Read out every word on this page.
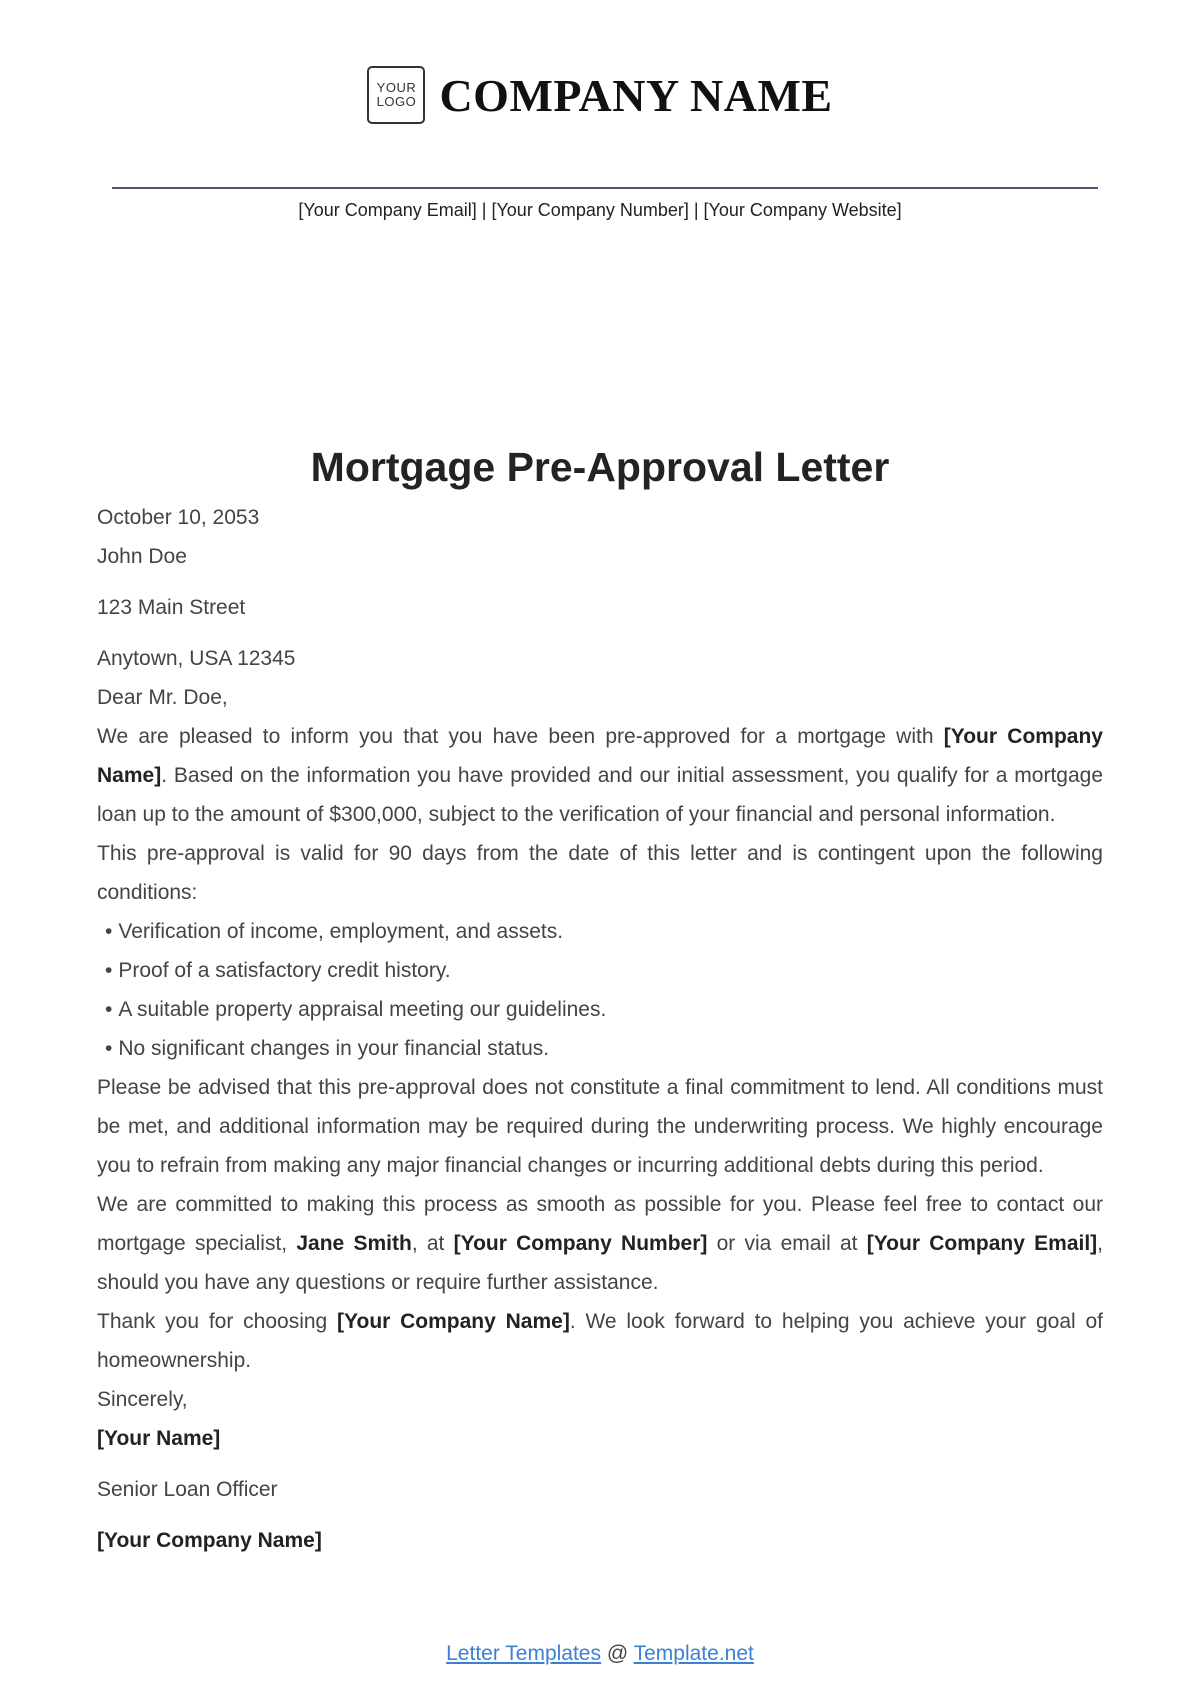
YOUR
LOGO COMPANY NAME
[Your Company Email] | [Your Company Number] | [Your Company Website]
Mortgage Pre-Approval Letter

October 10, 2053

John Doe

123 Main Street

Anytown, USA 12345

Dear Mr. Doe,

We are pleased to inform you that you have been pre-approved for a mortgage with [Your Company Name]. Based on the information you have provided and our initial assessment, you qualify for a mortgage loan up to the amount of $300,000, subject to the verification of your financial and personal information.

This pre-approval is valid for 90 days from the date of this letter and is contingent upon the following conditions:

• Verification of income, employment, and assets.
• Proof of a satisfactory credit history.
• A suitable property appraisal meeting our guidelines.
• No significant changes in your financial status.

Please be advised that this pre-approval does not constitute a final commitment to lend. All conditions must be met, and additional information may be required during the underwriting process. We highly encourage you to refrain from making any major financial changes or incurring additional debts during this period.

We are committed to making this process as smooth as possible for you. Please feel free to contact our mortgage specialist, Jane Smith, at [Your Company Number] or via email at [Your Company Email], should you have any questions or require further assistance.

Thank you for choosing [Your Company Name]. We look forward to helping you achieve your goal of homeownership.

Sincerely,

[Your Name]

Senior Loan Officer

[Your Company Name]

Letter Templates @ Template.net
